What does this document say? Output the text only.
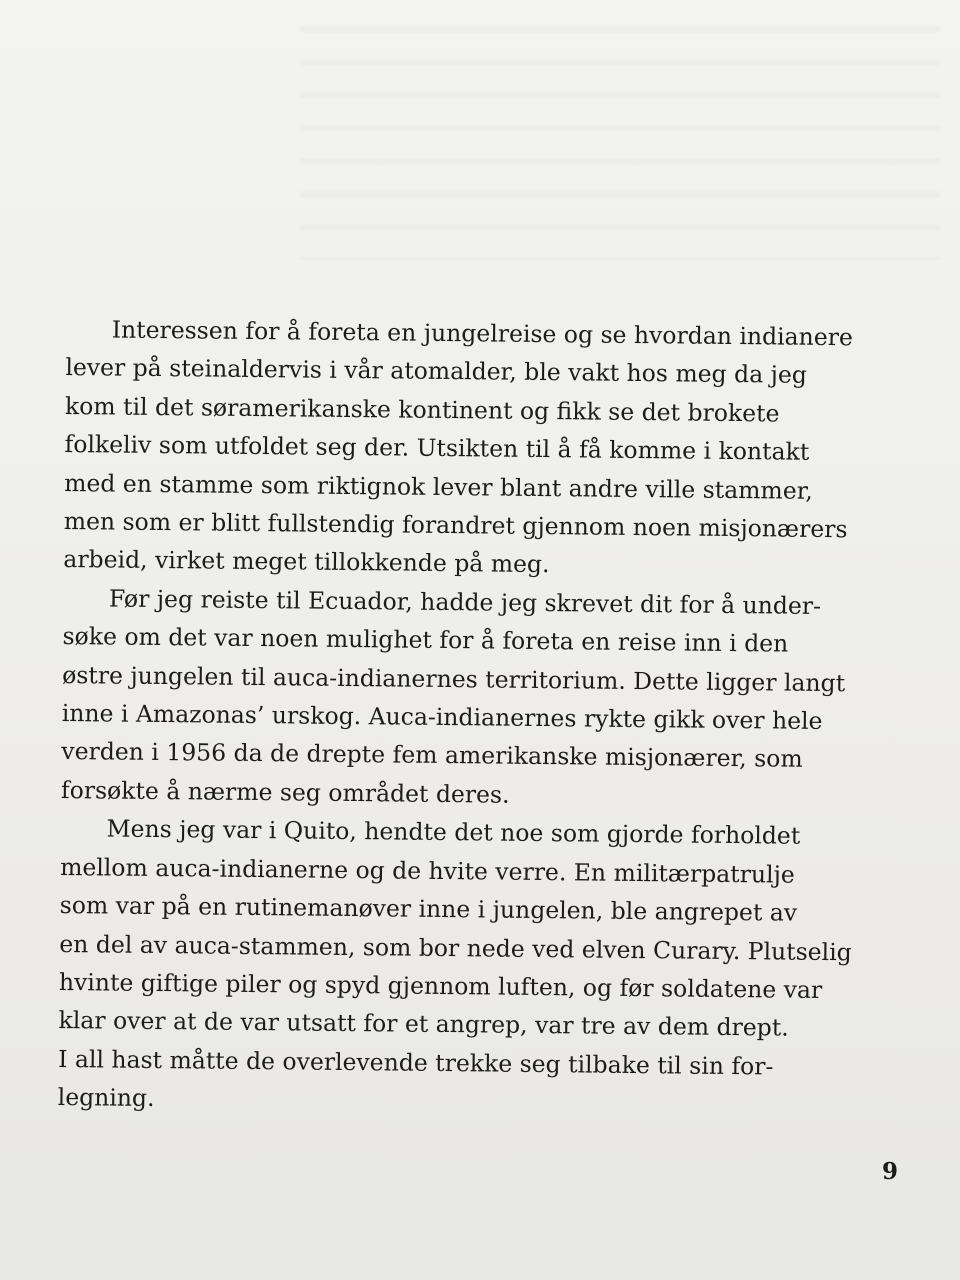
Interessen for å foreta en jungelreise og se hvordan indianere
lever på steinaldervis i vår atomalder, ble vakt hos meg da jeg
kom til det søramerikanske kontinent og fikk se det brokete
folkeliv som utfoldet seg der. Utsikten til å få komme i kontakt
med en stamme som riktignok lever blant andre ville stammer,
men som er blitt fullstendig forandret gjennom noen misjonærers
arbeid, virket meget tillokkende på meg.

Før jeg reiste til Ecuador, hadde jeg skrevet dit for å under-
søke om det var noen mulighet for å foreta en reise inn i den
østre jungelen til auca-indianernes territorium. Dette ligger langt
inne i Amazonas’ urskog. Auca-indianernes rykte gikk over hele
verden i 1956 da de drepte fem amerikanske misjonærer, som
forsøkte å nærme seg området deres.

Mens jeg var i Quito, hendte det noe som gjorde forholdet
mellom auca-indianerne og de hvite verre. En militærpatrulje
som var på en rutinemanøver inne i jungelen, ble angrepet av
en del av auca-stammen, som bor nede ved elven Curary. Plutselig
hvinte giftige piler og spyd gjennom luften, og før soldatene var
klar over at de var utsatt for et angrep, var tre av dem drept.
I all hast måtte de overlevende trekke seg tilbake til sin for-
legning.

9
